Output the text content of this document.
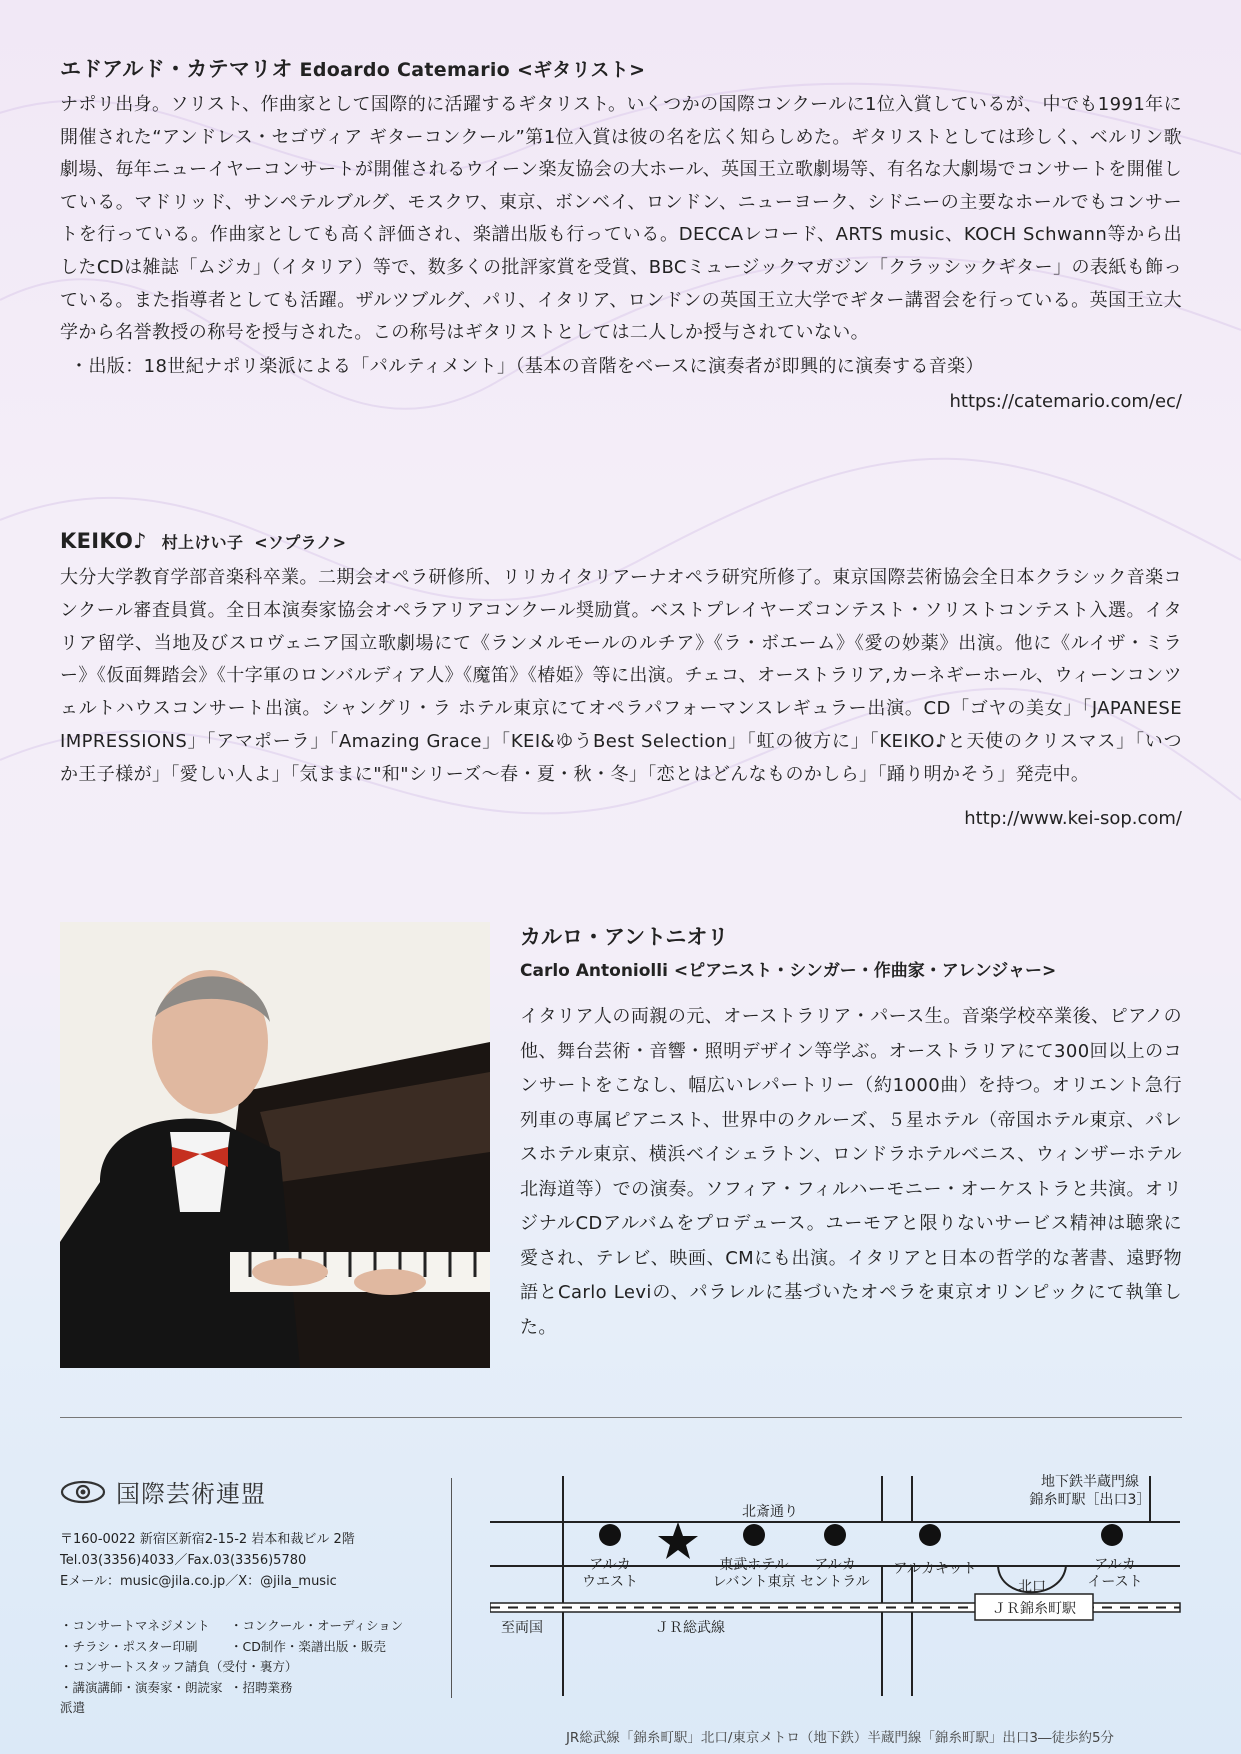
エドアルド・カテマリオ Edoardo Catemario <ギタリスト>
ナポリ出身。ソリスト、作曲家として国際的に活躍するギタリスト。いくつかの国際コンクールに1位入賞しているが、中でも1991年に開催された“アンドレス・セゴヴィア ギターコンクール”第1位入賞は彼の名を広く知らしめた。ギタリストとしては珍しく、ベルリン歌劇場、毎年ニューイヤーコンサートが開催されるウイーン楽友協会の大ホール、英国王立歌劇場等、有名な大劇場でコンサートを開催している。マドリッド、サンペテルブルグ、モスクワ、東京、ボンベイ、ロンドン、ニューヨーク、シドニーの主要なホールでもコンサートを行っている。作曲家としても高く評価され、楽譜出版も行っている。DECCAレコード、ARTS music、KOCH Schwann等から出したCDは雑誌「ムジカ」（イタリア）等で、数多くの批評家賞を受賞、BBCミュージックマガジン「クラッシックギター」の表紙も飾っている。また指導者としても活躍。ザルツブルグ、パリ、イタリア、ロンドンの英国王立大学でギター講習会を行っている。英国王立大学から名誉教授の称号を授与された。この称号はギタリストとしては二人しか授与されていない。
・出版：18世紀ナポリ楽派による「パルティメント」（基本の音階をベースに演奏者が即興的に演奏する音楽）
https://catemario.com/ec/
KEIKO♪ 村上けい子 <ソプラノ>
大分大学教育学部音楽科卒業。二期会オペラ研修所、リリカイタリアーナオペラ研究所修了。東京国際芸術協会全日本クラシック音楽コンクール審査員賞。全日本演奏家協会オペラアリアコンクール奨励賞。ベストプレイヤーズコンテスト・ソリストコンテスト入選。イタリア留学、当地及びスロヴェニア国立歌劇場にて《ランメルモールのルチア》《ラ・ボエーム》《愛の妙薬》出演。他に《ルイザ・ミラー》《仮面舞踏会》《十字軍のロンバルディア人》《魔笛》《椿姫》等に出演。チェコ、オーストラリア,カーネギーホール、ウィーンコンツェルトハウスコンサート出演。シャングリ・ラ ホテル東京にてオペラパフォーマンスレギュラー出演。CD「ゴヤの美女」「JAPANESE IMPRESSIONS」「アマポーラ」「Amazing Grace」「KEI&ゆうBest Selection」「虹の彼方に」「KEIKO♪と天使のクリスマス」「いつか王子様が」「愛しい人よ」「気ままに"和"シリーズ〜春・夏・秋・冬」「恋とはどんなものかしら」「踊り明かそう」発売中。
http://www.kei-sop.com/
カルロ・アントニオリ
Carlo Antoniolli <ピアニスト・シンガー・作曲家・アレンジャー>
イタリア人の両親の元、オーストラリア・パース生。音楽学校卒業後、ピアノの他、舞台芸術・音響・照明デザイン等学ぶ。オーストラリアにて300回以上のコンサートをこなし、幅広いレパートリー（約1000曲）を持つ。オリエント急行列車の専属ピアニスト、世界中のクルーズ、５星ホテル（帝国ホテル東京、パレスホテル東京、横浜ベイシェラトン、ロンドラホテルベニス、ウィンザーホテル北海道等）での演奏。ソフィア・フィルハーモニー・オーケストラと共演。オリジナルCDアルバムをプロデュース。ユーモアと限りないサービス精神は聴衆に愛され、テレビ、映画、CMにも出演。イタリアと日本の哲学的な著書、遠野物語とCarlo Leviの、パラレルに基づいたオペラを東京オリンピックにて執筆した。
国際芸術連盟
〒160-0022 新宿区新宿2-15-2 岩本和裁ビル 2階
Tel.03(3356)4033／Fax.03(3356)5780
Eメール：music@jila.co.jp／X：@jila_music
・コンサートマネジメント	・コンクール・オーディション
・チラシ・ポスター印刷	・CD制作・楽譜出版・販売
・コンサートスタッフ請負（受付・裏方）
・講演講師・演奏家・朗読家派遣
・招聘業務
北斎通り
地下鉄半蔵門線
錦糸町駅［出口3］
アルカ
ウエスト
東武ホテル
レバント東京
アルカ
セントラル
アルカキット	アルカ
イースト
北口
ＪＲ錦糸町駅
至両国	ＪＲ総武線
JR総武線「錦糸町駅」北口/東京メトロ（地下鉄）半蔵門線「錦糸町駅」出口3―徒歩約5分
